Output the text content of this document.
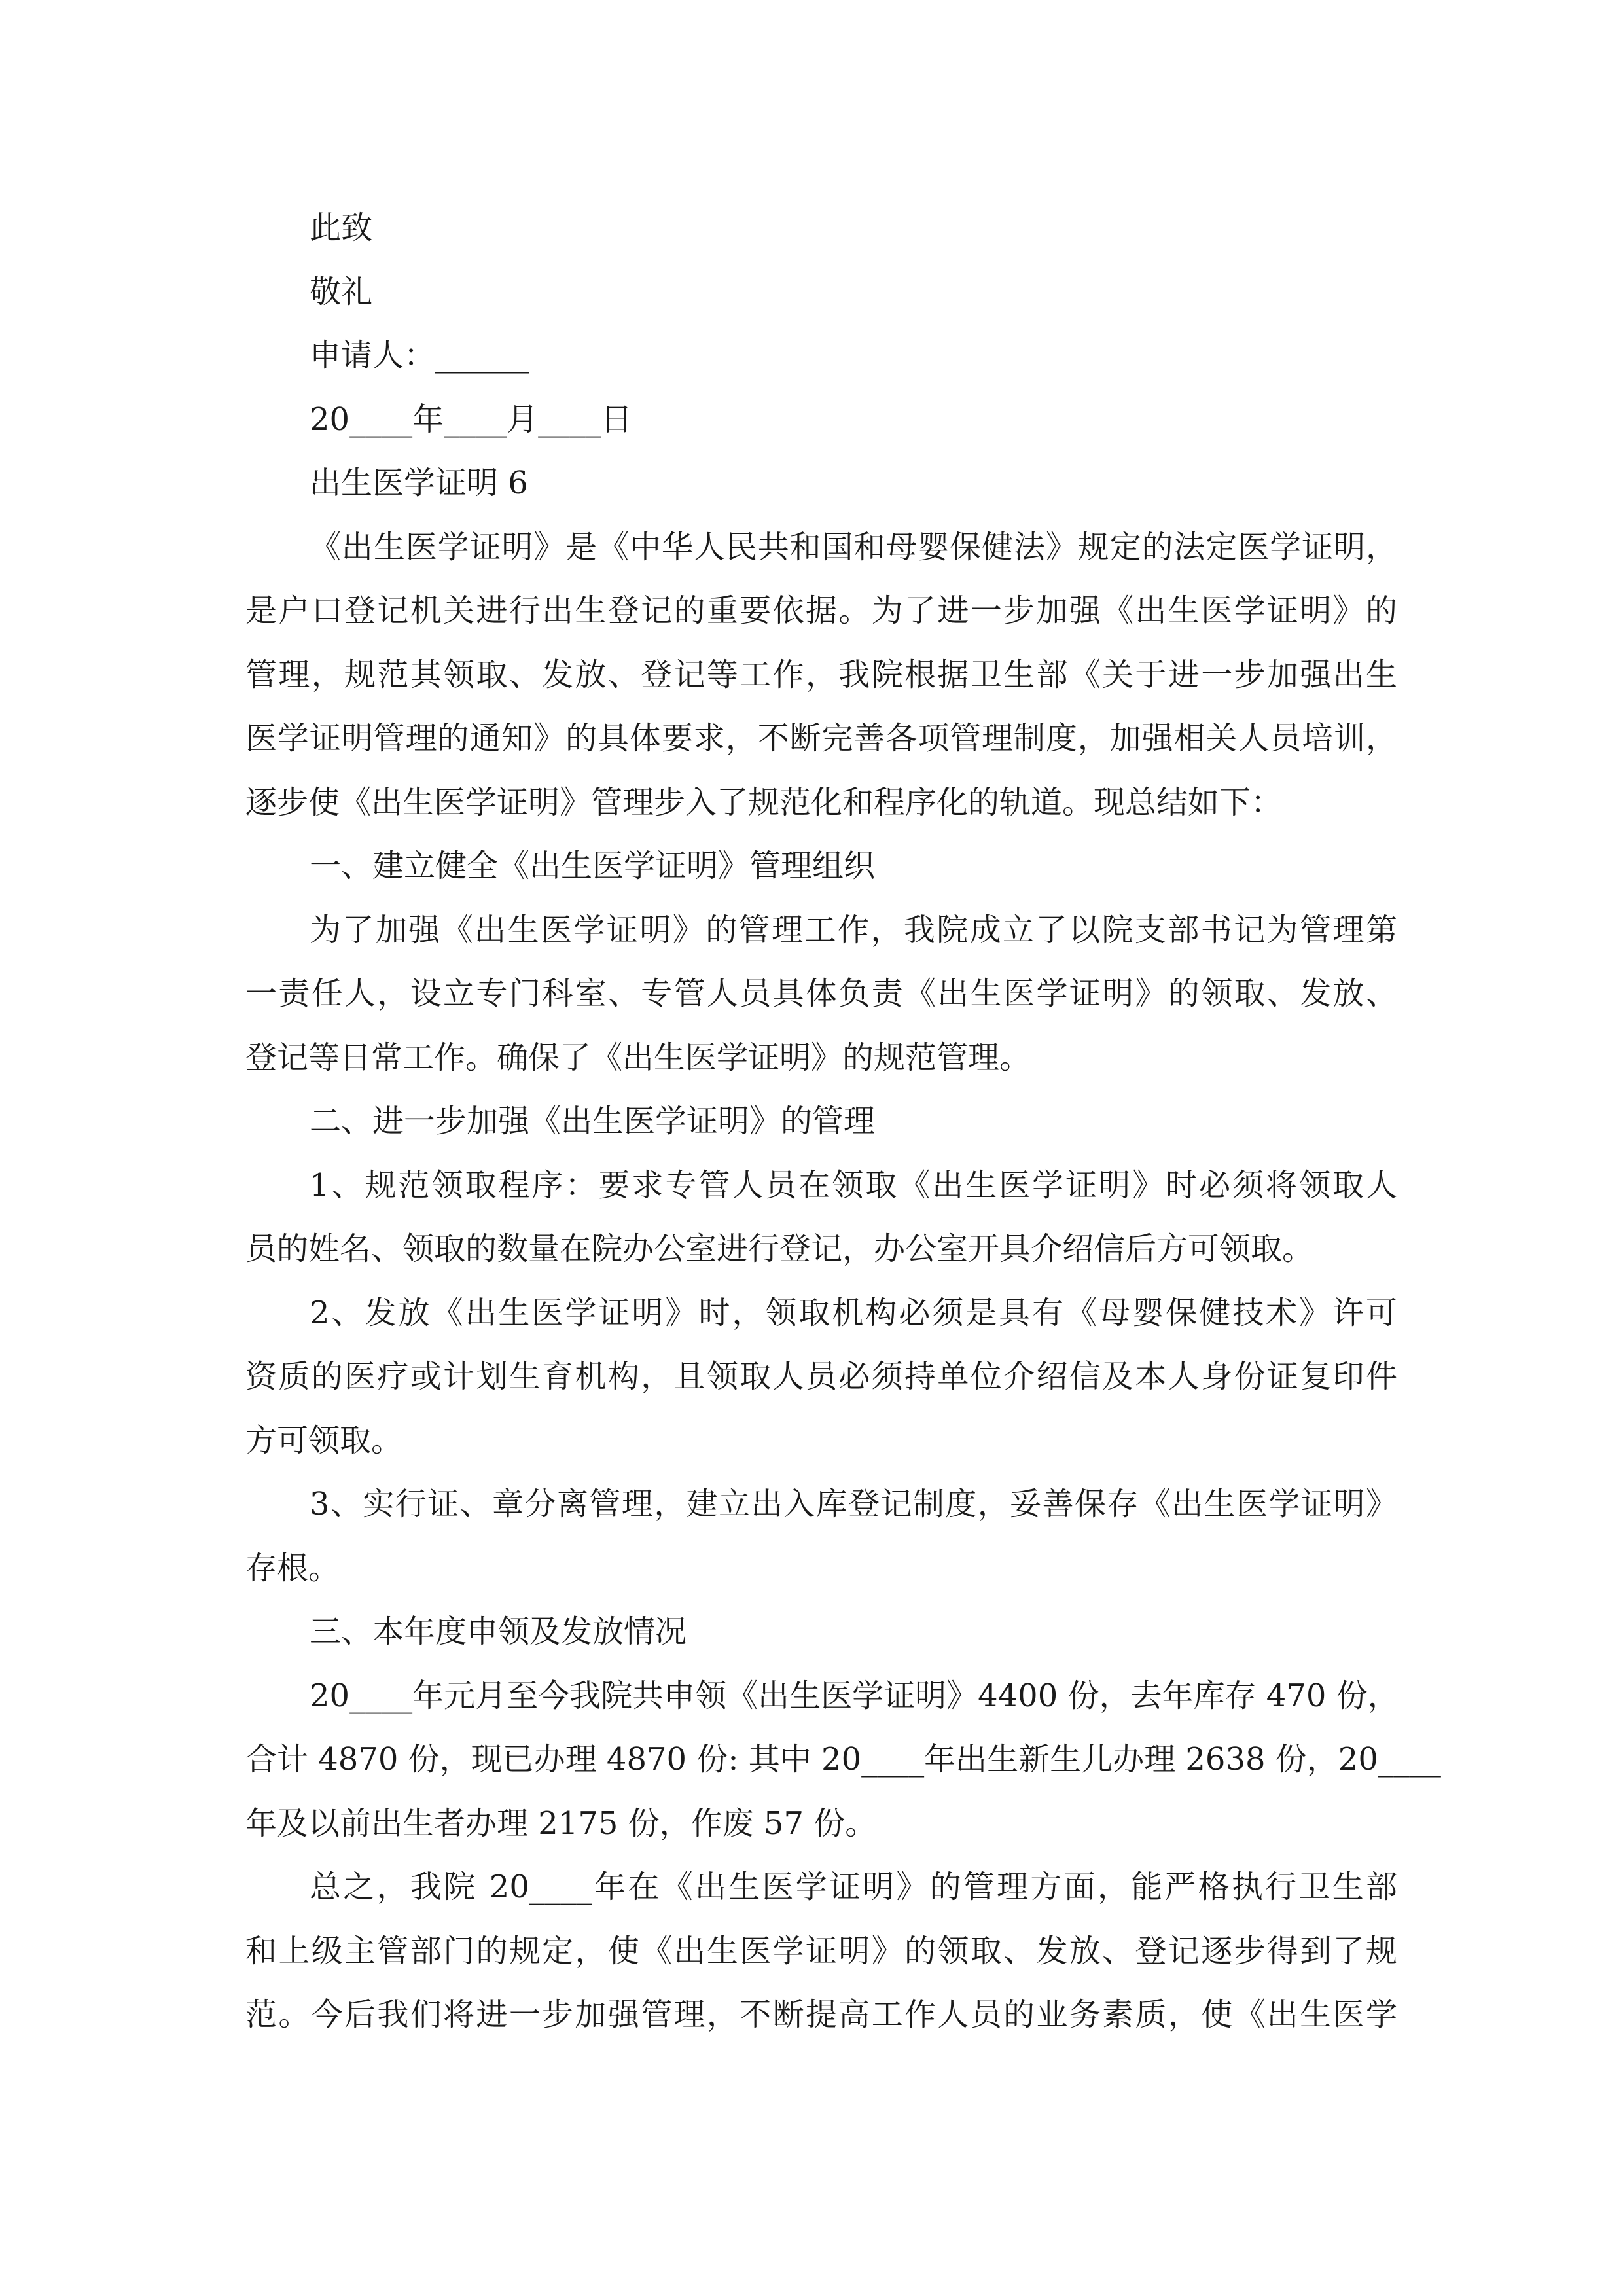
此致
敬礼
申请人：______
20____年____月____日
出生医学证明 6
《出生医学证明》是《中华人民共和国和母婴保健法》规定的法定医学证明，
是户口登记机关进行出生登记的重要依据。为了进一步加强《出生医学证明》的
管理，规范其领取、发放、登记等工作，我院根据卫生部《关于进一步加强出生
医学证明管理的通知》的具体要求，不断完善各项管理制度，加强相关人员培训，
逐步使《出生医学证明》管理步入了规范化和程序化的轨道。现总结如下：
一、建立健全《出生医学证明》管理组织
为了加强《出生医学证明》的管理工作，我院成立了以院支部书记为管理第
一责任人，设立专门科室、专管人员具体负责《出生医学证明》的领取、发放、
登记等日常工作。确保了《出生医学证明》的规范管理。
二、进一步加强《出生医学证明》的管理
1、规范领取程序：要求专管人员在领取《出生医学证明》时必须将领取人
员的姓名、领取的数量在院办公室进行登记，办公室开具介绍信后方可领取。
2、发放《出生医学证明》时，领取机构必须是具有《母婴保健技术》许可
资质的医疗或计划生育机构，且领取人员必须持单位介绍信及本人身份证复印件
方可领取。
3、实行证、章分离管理，建立出入库登记制度，妥善保存《出生医学证明》
存根。
三、本年度申领及发放情况
20____年元月至今我院共申领《出生医学证明》4400 份，去年库存 470 份，
合计 4870 份，现已办理 4870 份: 其中 20____年出生新生儿办理 2638 份，20____
年及以前出生者办理 2175 份，作废 57 份。
总之，我院 20____年在《出生医学证明》的管理方面，能严格执行卫生部
和上级主管部门的规定，使《出生医学证明》的领取、发放、登记逐步得到了规
范。今后我们将进一步加强管理，不断提高工作人员的业务素质，使《出生医学
